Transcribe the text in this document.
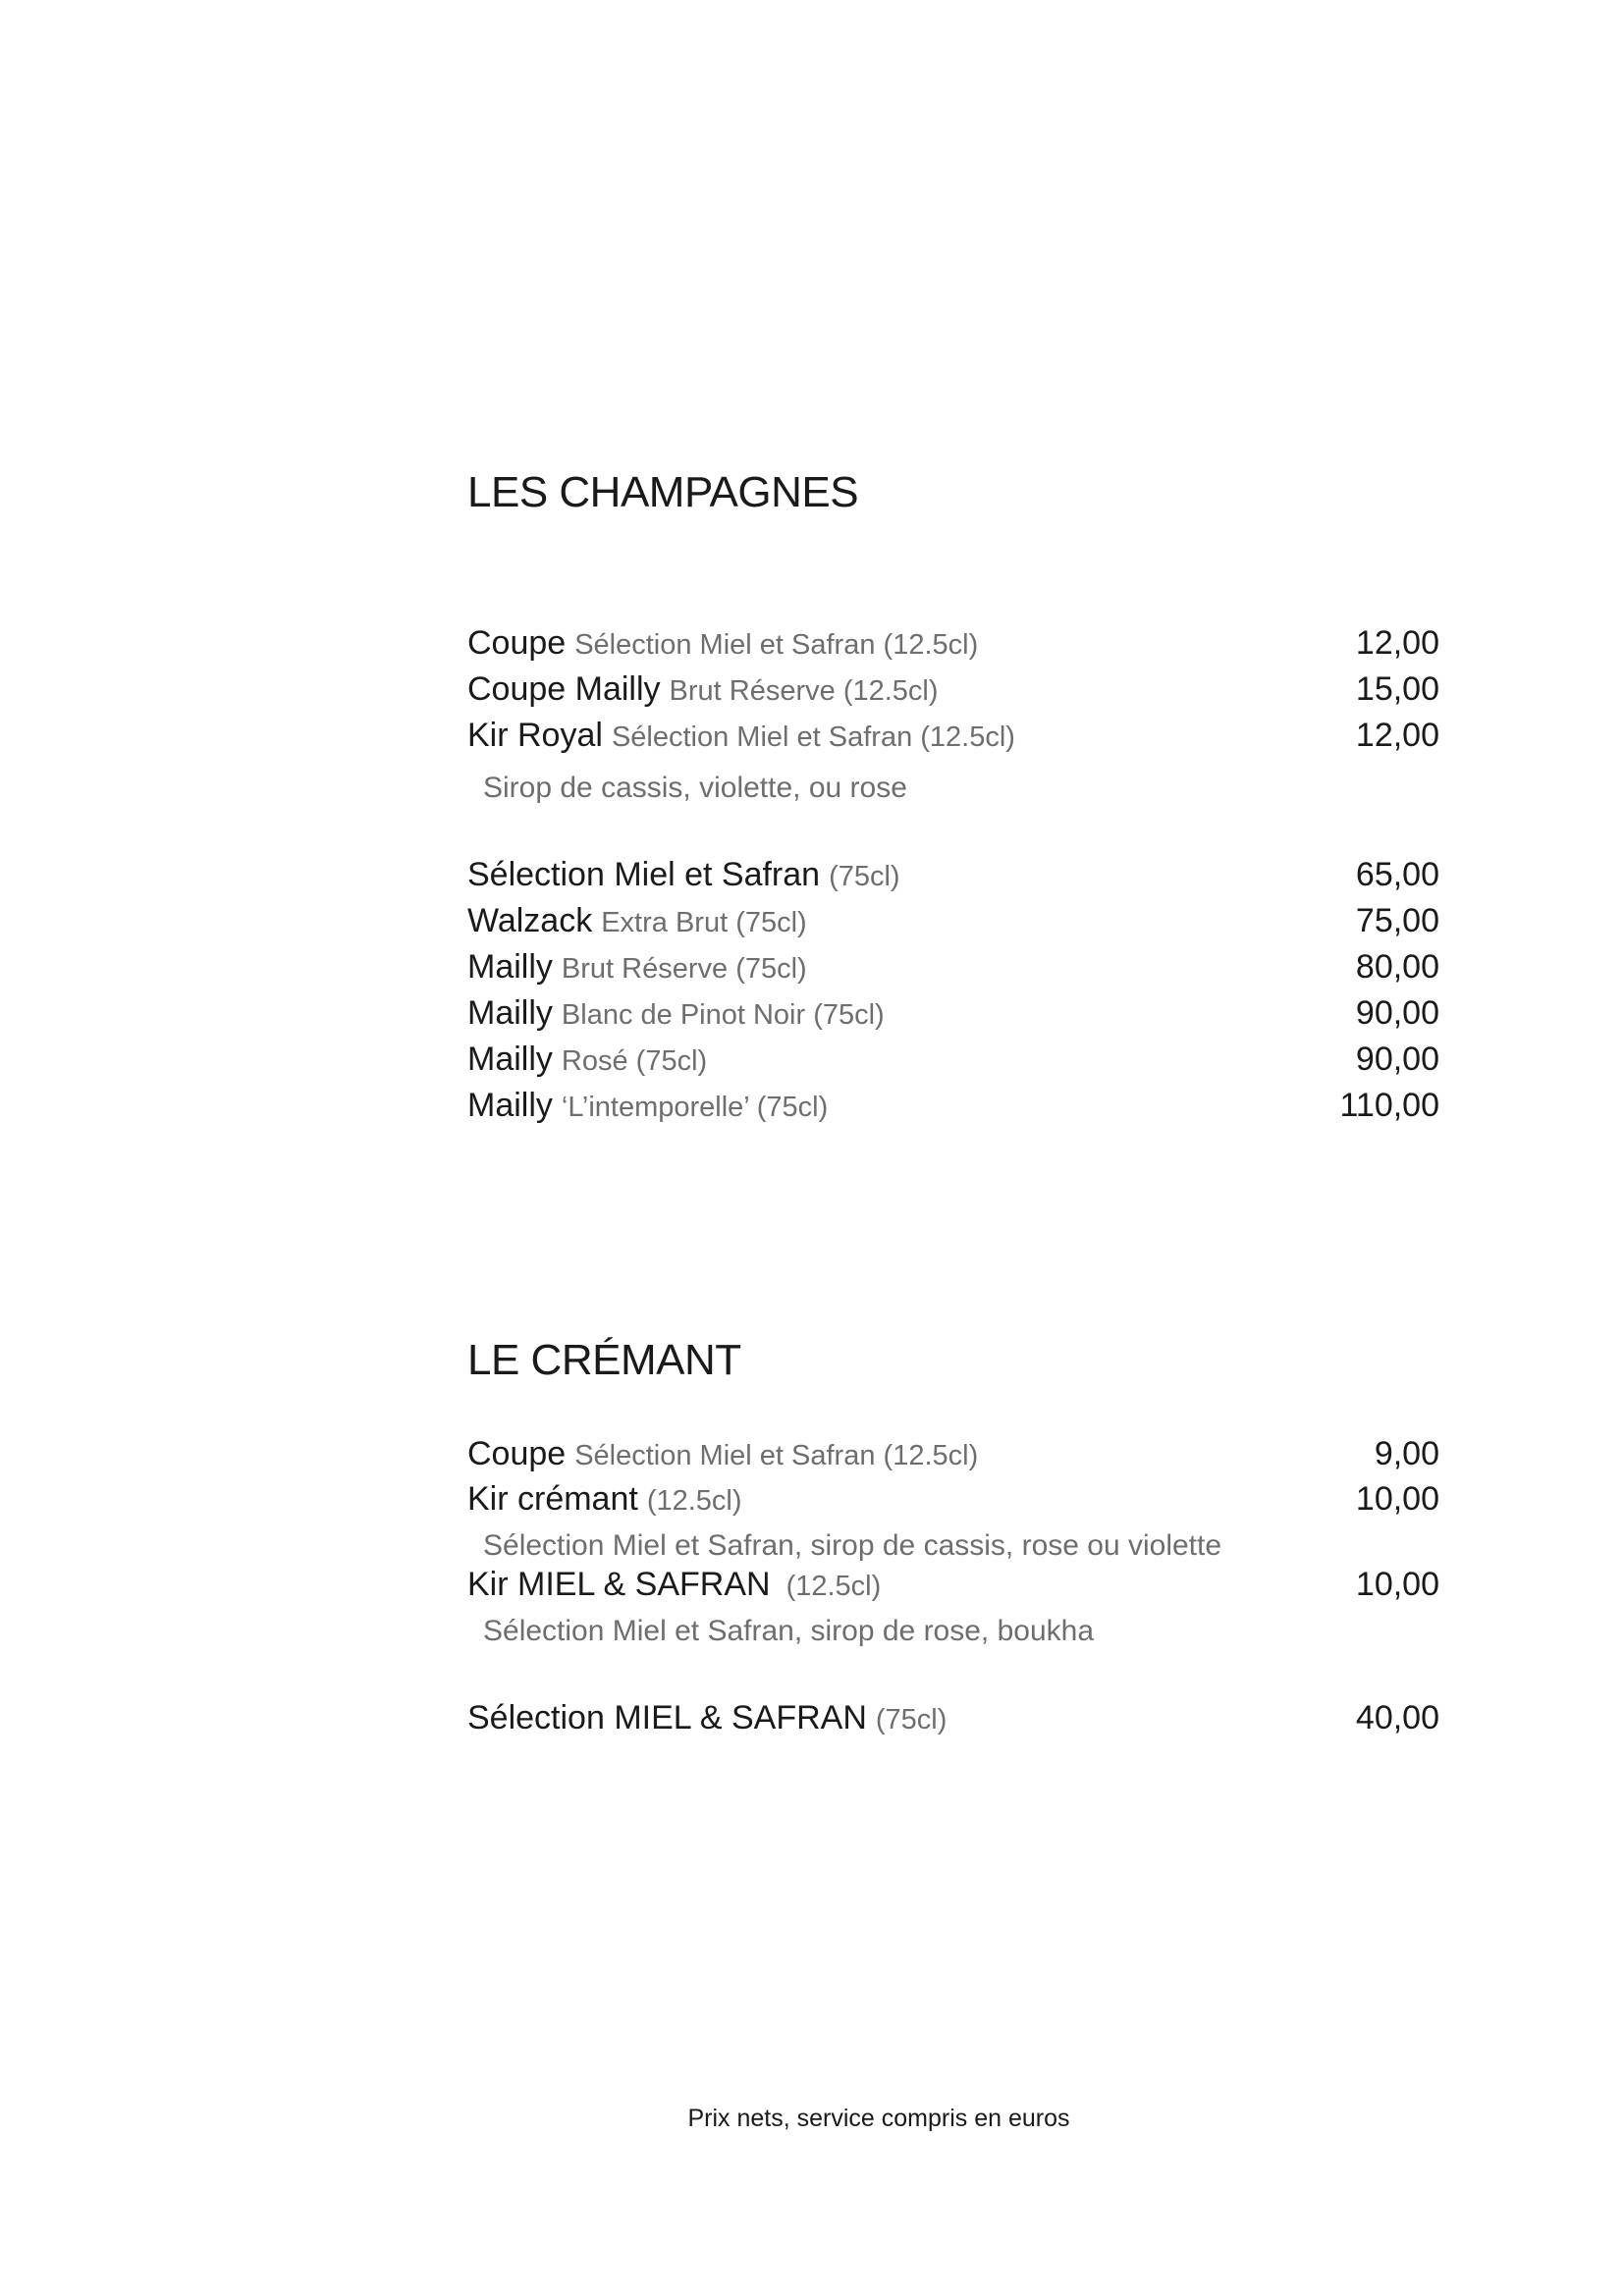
LES CHAMPAGNES
Coupe Sélection Miel et Safran (12.5cl)	12,00
Coupe Mailly Brut Réserve (12.5cl)	15,00
Kir Royal Sélection Miel et Safran (12.5cl)	12,00
Sirop de cassis, violette, ou rose
Sélection Miel et Safran (75cl)	65,00
Walzack Extra Brut (75cl)	75,00
Mailly Brut Réserve (75cl)	80,00
Mailly Blanc de Pinot Noir (75cl)	90,00
Mailly Rosé (75cl)	90,00
Mailly ‘L’intemporelle’ (75cl)	110,00
LE CRÉMANT
Coupe Sélection Miel et Safran (12.5cl)	9,00
Kir crémant (12.5cl)	10,00
Sélection Miel et Safran, sirop de cassis, rose ou violette
Kir MIEL & SAFRAN (12.5cl)	10,00
Sélection Miel et Safran, sirop de rose, boukha
Sélection MIEL & SAFRAN (75cl)	40,00
Prix nets, service compris en euros
